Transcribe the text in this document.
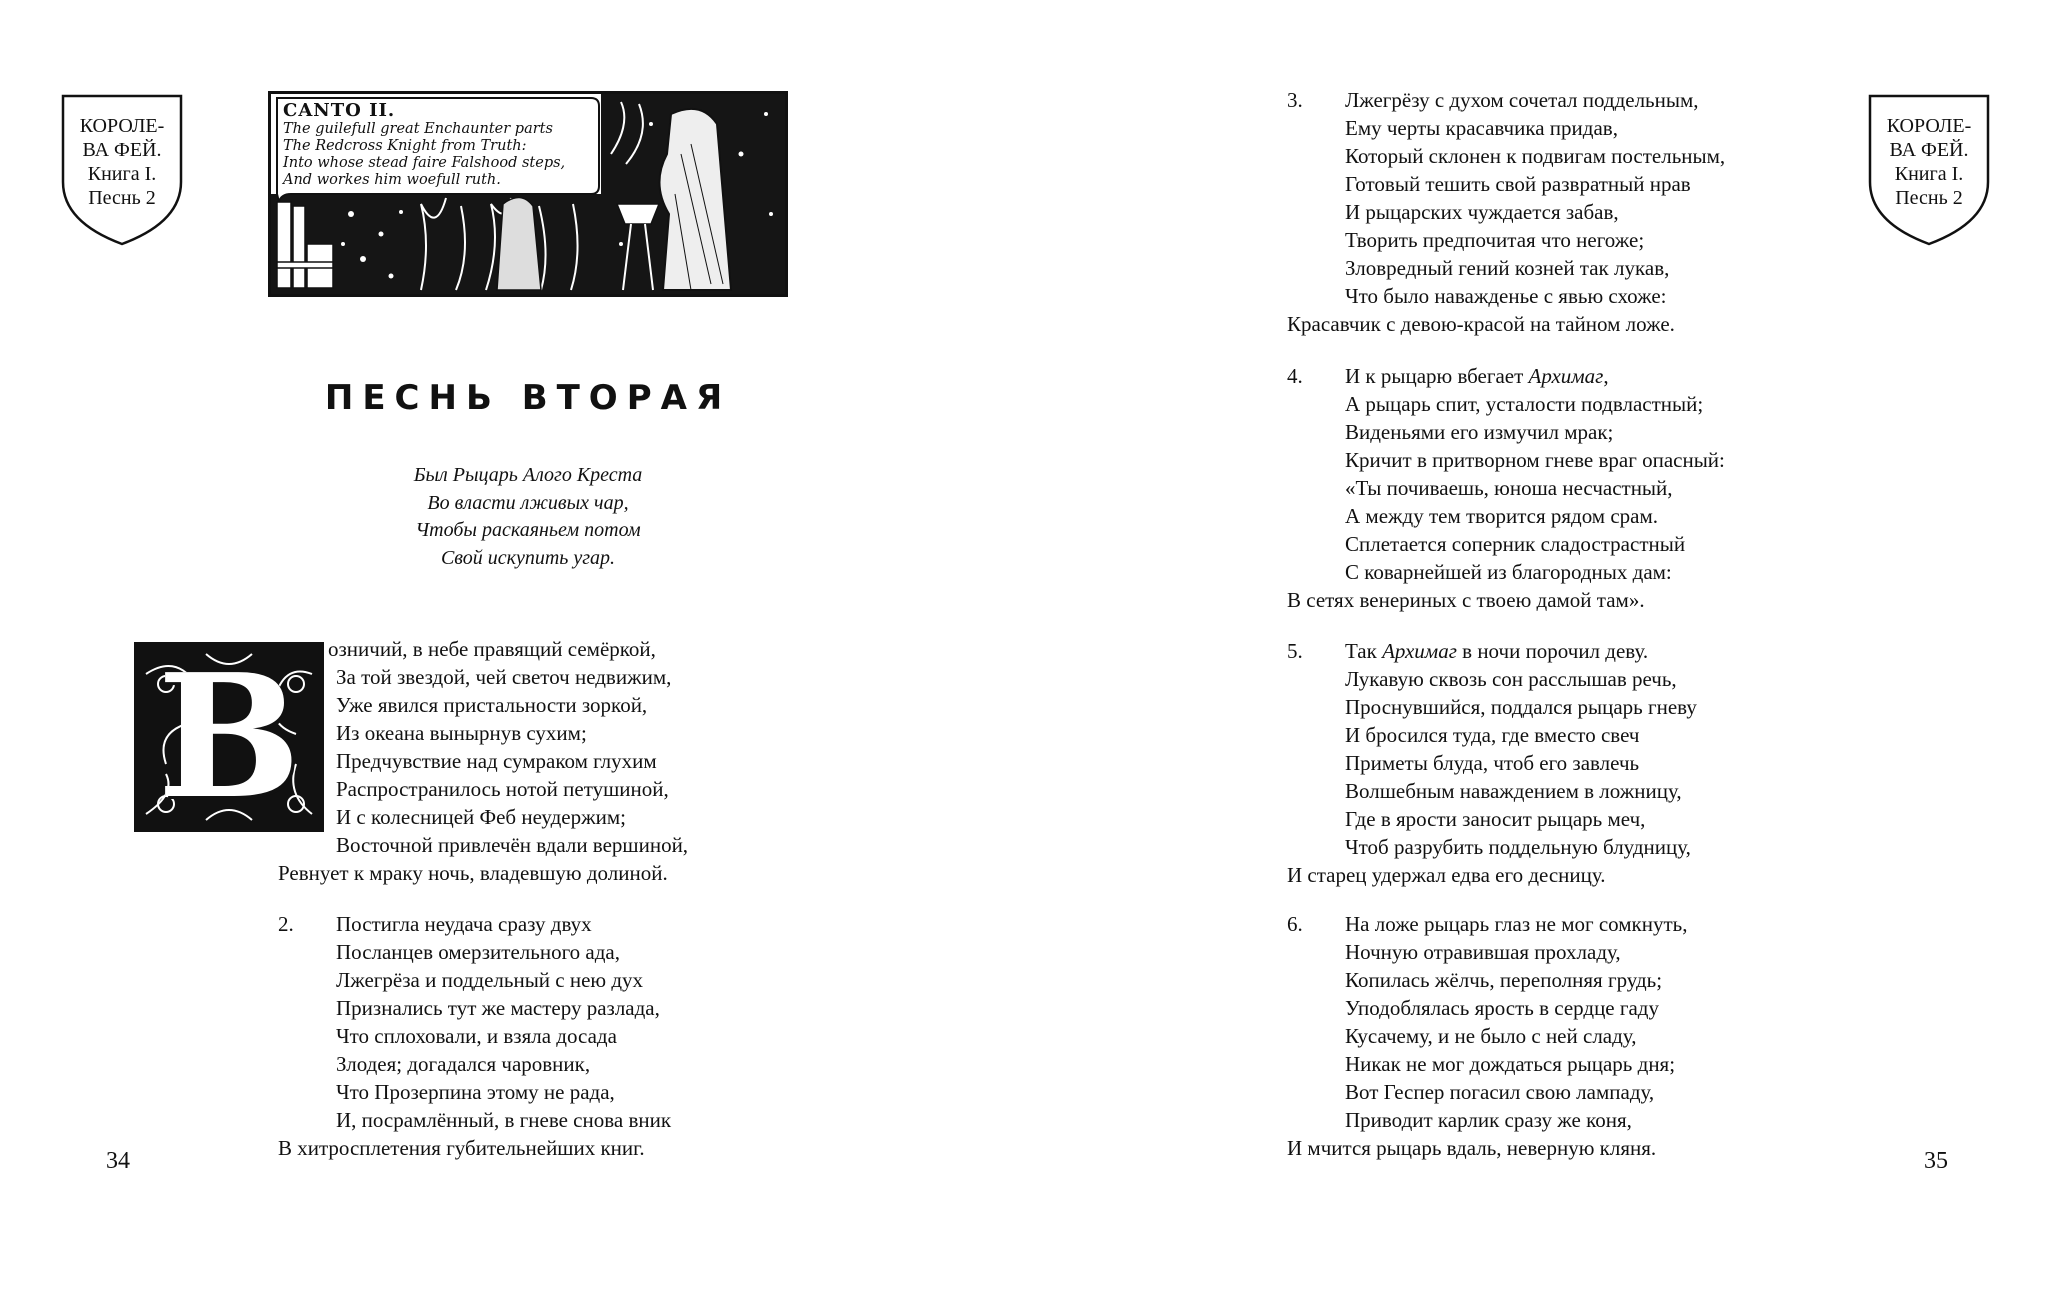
КОРОЛЕ-
ВА ФЕЙ.
Книга I.
Песнь 2
CANTO II.
The guilefull great Enchaunter parts
The Redcross Knight from Truth:
Into whose stead faire Falshood steps,
And workes him woefull ruth.
ПЕСНЬ ВТОРАЯ
Был Рыцарь Алого Креста
Во власти лживых чар,
Чтобы раскаяньем потом
Свой искупить угар.
В	озничий, в небе правящий семёркой,
За той звездой, чей светоч недвижим,
Уже явился пристальности зоркой,
Из океана вынырнув сухим;
Предчувствие над сумраком глухим
Распространилось нотой петушиной,
И с колесницей Феб неудержим;
Восточной привлечён вдали вершиной,
Ревнует к мраку ночь, владевшую долиной.
2. Постигла неудача сразу двух
Посланцев омерзительного ада,
Лжегрёза и поддельный с нею дух
Признались тут же мастеру разлада,
Что сплоховали, и взяла досада
Злодея; догадался чаровник,
Что Прозерпина этому не рада,
И, посрамлённый, в гневе снова вник
В хитросплетения губительнейших книг.
34
КОРОЛЕ-
ВА ФЕЙ.
Книга I.
Песнь 2
3. Лжегрёзу с духом сочетал поддельным,
Ему черты красавчика придав,
Который склонен к подвигам постельным,
Готовый тешить свой развратный нрав
И рыцарских чуждается забав,
Творить предпочитая что негоже;
Зловредный гений козней так лукав,
Что было наважденье с явью схоже:
Красавчик с девою-красой на тайном ложе.
4. И к рыцарю вбегает Архимаг,
А рыцарь спит, усталости подвластный;
Виденьями его измучил мрак;
Кричит в притворном гневе враг опасный:
«Ты почиваешь, юноша несчастный,
А между тем творится рядом срам.
Сплетается соперник сладострастный
С коварнейшей из благородных дам:
В сетях венериных с твоею дамой там».
5. Так Архимаг в ночи порочил деву.
Лукавую сквозь сон расслышав речь,
Проснувшийся, поддался рыцарь гневу
И бросился туда, где вместо свеч
Приметы блуда, чтоб его завлечь
Волшебным наваждением в ложницу,
Где в ярости заносит рыцарь меч,
Чтоб разрубить поддельную блудницу,
И старец удержал едва его десницу.
6. На ложе рыцарь глаз не мог сомкнуть,
Ночную отравившая прохладу,
Копилась жёлчь, переполняя грудь;
Уподоблялась ярость в сердце гаду
Кусачему, и не было с ней сладу,
Никак не мог дождаться рыцарь дня;
Вот Геспер погасил свою лампаду,
Приводит карлик сразу же коня,
И мчится рыцарь вдаль, неверную кляня.	35
